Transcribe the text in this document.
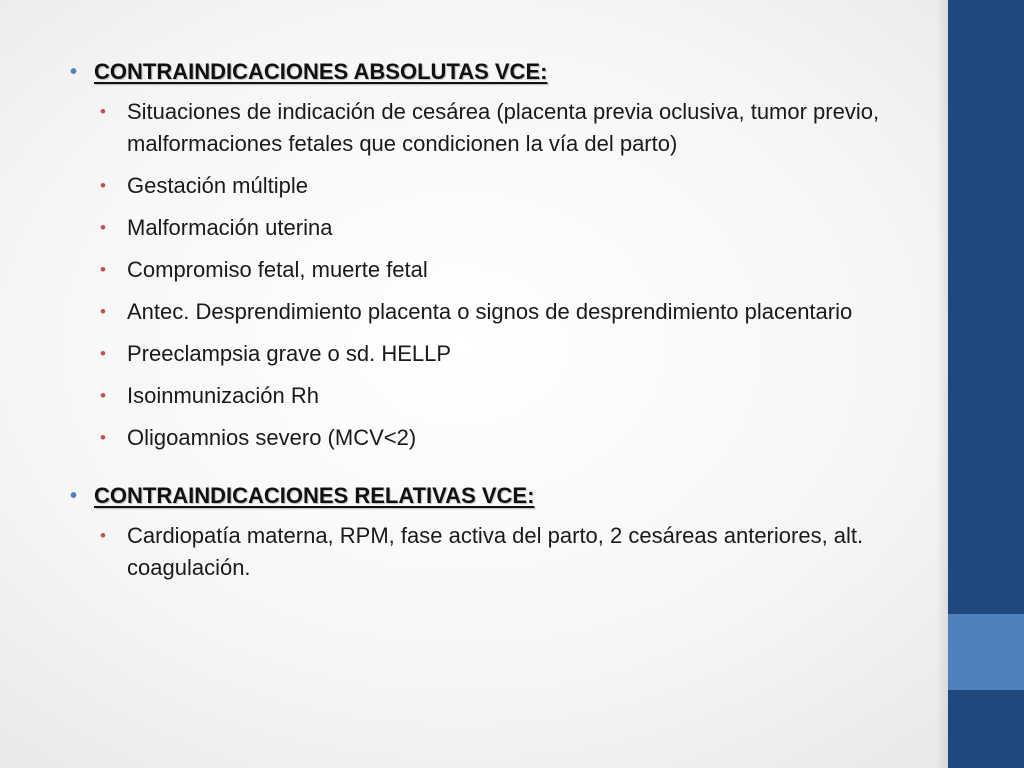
• CONTRAINDICACIONES ABSOLUTAS VCE:
• Situaciones de indicación de cesárea (placenta previa oclusiva, tumor previo, malformaciones fetales que condicionen la vía del parto)
• Gestación múltiple
• Malformación uterina
• Compromiso fetal, muerte fetal
• Antec. Desprendimiento placenta o signos de desprendimiento placentario
• Preeclampsia grave o sd. HELLP
• Isoinmunización Rh
• Oligoamnios severo (MCV<2)
• CONTRAINDICACIONES RELATIVAS VCE:
• Cardiopatía materna, RPM, fase activa del parto, 2 cesáreas anteriores, alt. coagulación.
